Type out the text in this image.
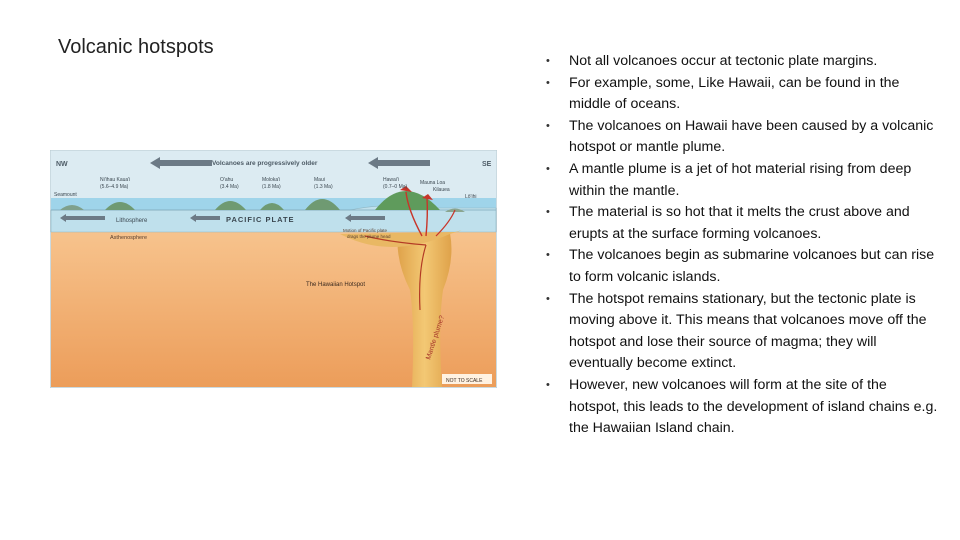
Volcanic hotspots
NW	SE
Volcanoes are progressively older
Ni'ihau Kaua'i
(5.6–4.9 Ma)
O'ahu
(3.4 Ma)
Moloka'i
(1.8 Ma)
Maui
(1.3 Ma)
Hawai'i
(0.7–0 Ma)
Seamount
Mauna Loa
Kilauea
Lō'ihi
Lithosphere	PACIFIC PLATE
Asthenosphere
Motion of Pacific plate
drags the plume head
The Hawaiian Hotspot
Mantle plume?
NOT TO SCALE
• Not all volcanoes occur at tectonic plate margins.
• For example, some, Like Hawaii, can be found in the middle of oceans.
• The volcanoes on Hawaii have been caused by a volcanic hotspot or mantle plume.
• A mantle plume is a jet of hot material rising from deep within the mantle.
• The material is so hot that it melts the crust above and erupts at the surface forming volcanoes.
• The volcanoes begin as submarine volcanoes but can rise to form volcanic islands.
• The hotspot remains stationary, but the tectonic plate is moving above it. This means that volcanoes move off the hotspot and lose their source of magma; they will eventually become extinct.
• However, new volcanoes will form at the site of the hotspot, this leads to the development of island chains e.g. the Hawaiian Island chain.
